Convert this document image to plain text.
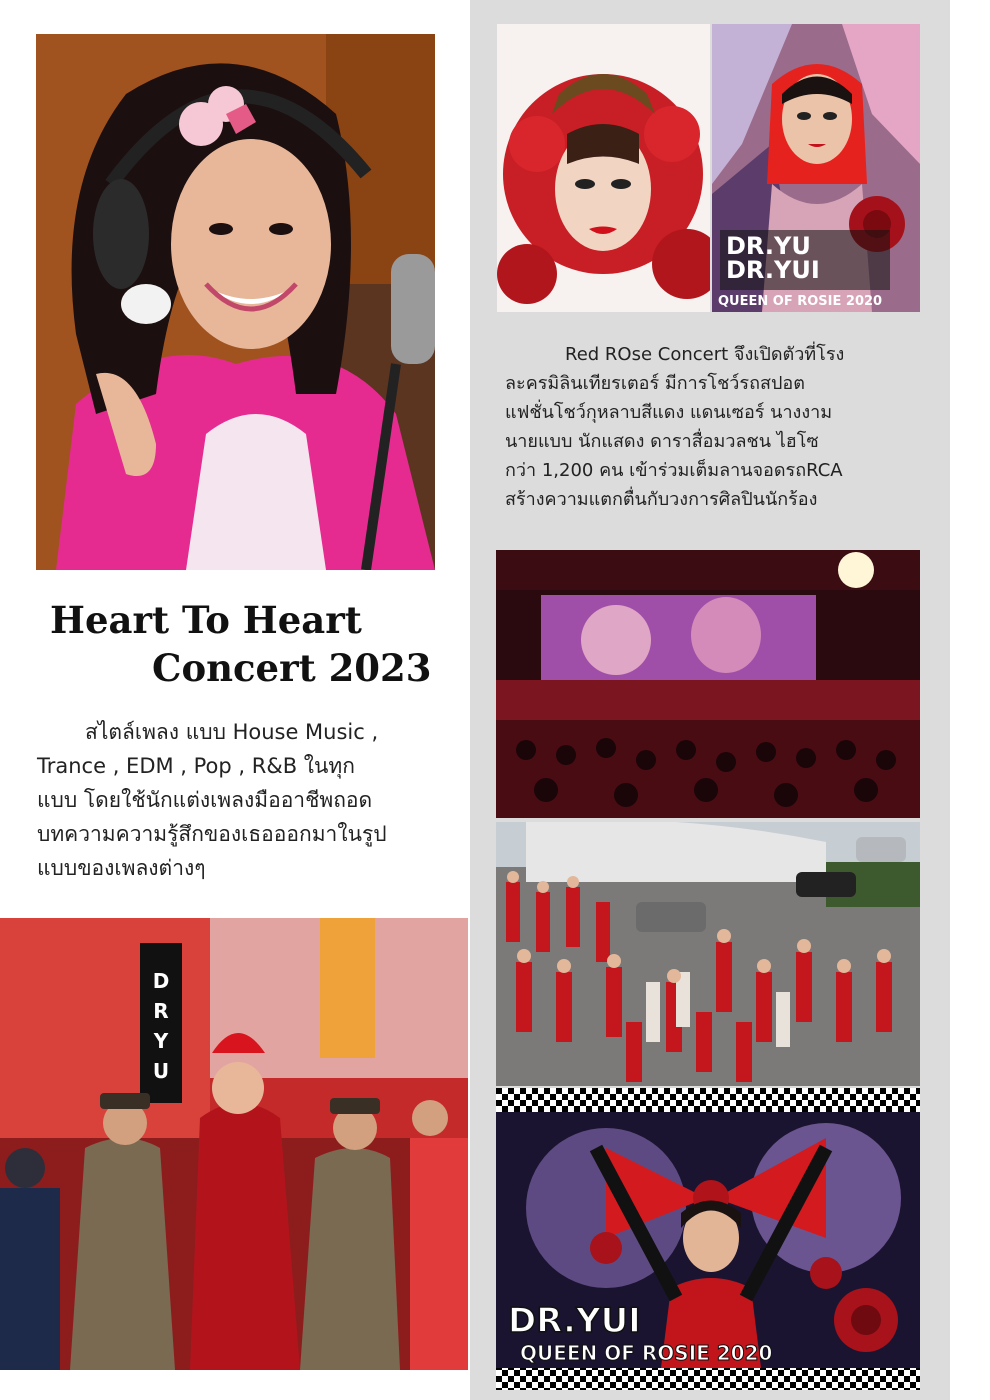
Heart To Heart
Concert 2023

สไตล์เพลง แบบ House Music ,

Trance , EDM , Pop , R&B ในทุก

แบบ โดยใช้นักแต่งเพลงมืออาชีพถอด

บทความความรู้สึกของเธอออกมาในรูป

แบบของเพลงต่างๆ

D
R
Y
U
DR.YU
DR.YUI
QUEEN OF ROSIE 2020

Red ROse Concert จึงเปิดตัวที่โรง

ละครมิลินเทียรเตอร์ มีการโชว์รถสปอต

แฟชั่นโชว์กุหลาบสีแดง แดนเซอร์ นางงาม

นายแบบ นักแสดง ดาราสื่อมวลชน ไฮโซ

กว่า 1,200 คน เข้าร่วมเต็มลานจอดรถRCA

สร้างความแตกตื่นกับวงการศิลปินนักร้อง

DR.YUI
QUEEN OF ROSIE 2020
